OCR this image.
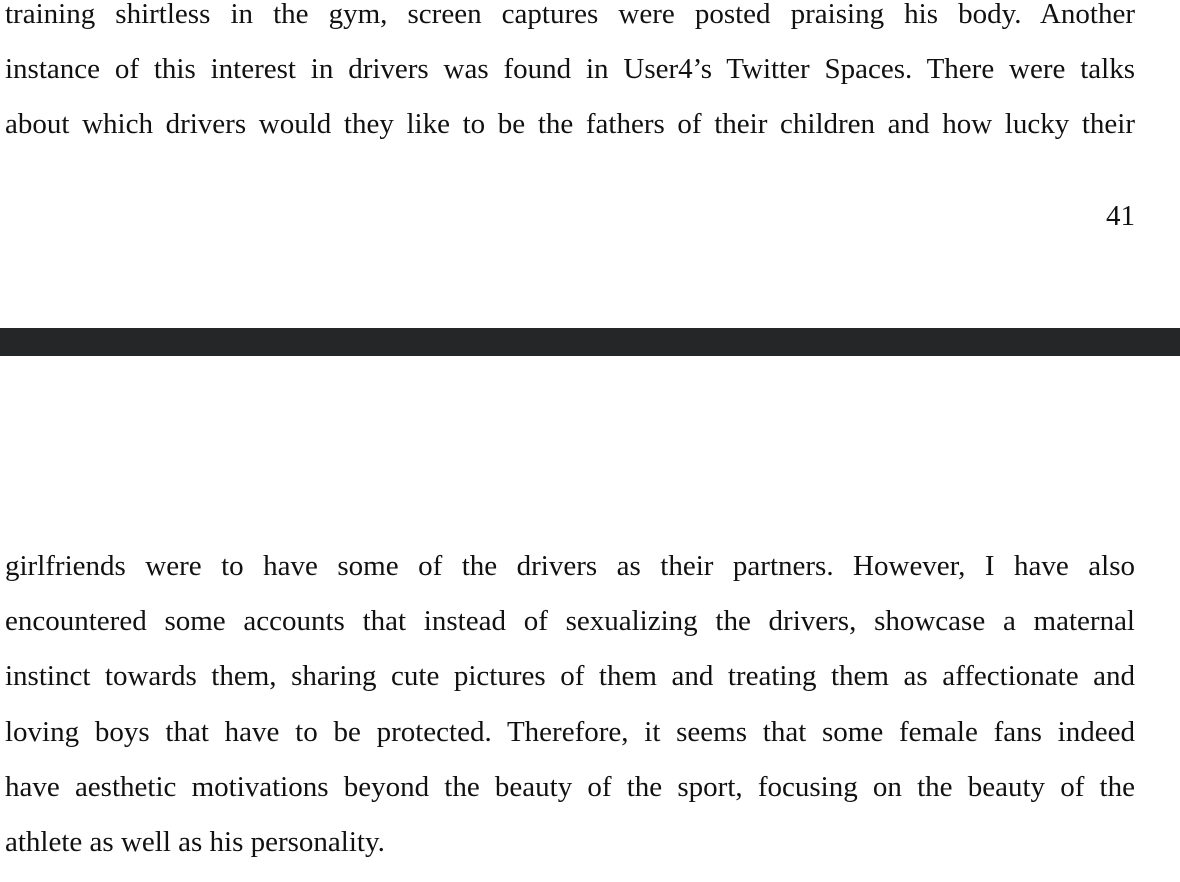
training shirtless in the gym, screen captures were posted praising his body. Another
instance of this interest in drivers was found in User4’s Twitter Spaces. There were talks
about which drivers would they like to be the fathers of their children and how lucky their
41
girlfriends were to have some of the drivers as their partners. However, I have also
encountered some accounts that instead of sexualizing the drivers, showcase a maternal
instinct towards them, sharing cute pictures of them and treating them as affectionate and
loving boys that have to be protected. Therefore, it seems that some female fans indeed
have aesthetic motivations beyond the beauty of the sport, focusing on the beauty of the
athlete as well as his personality.
